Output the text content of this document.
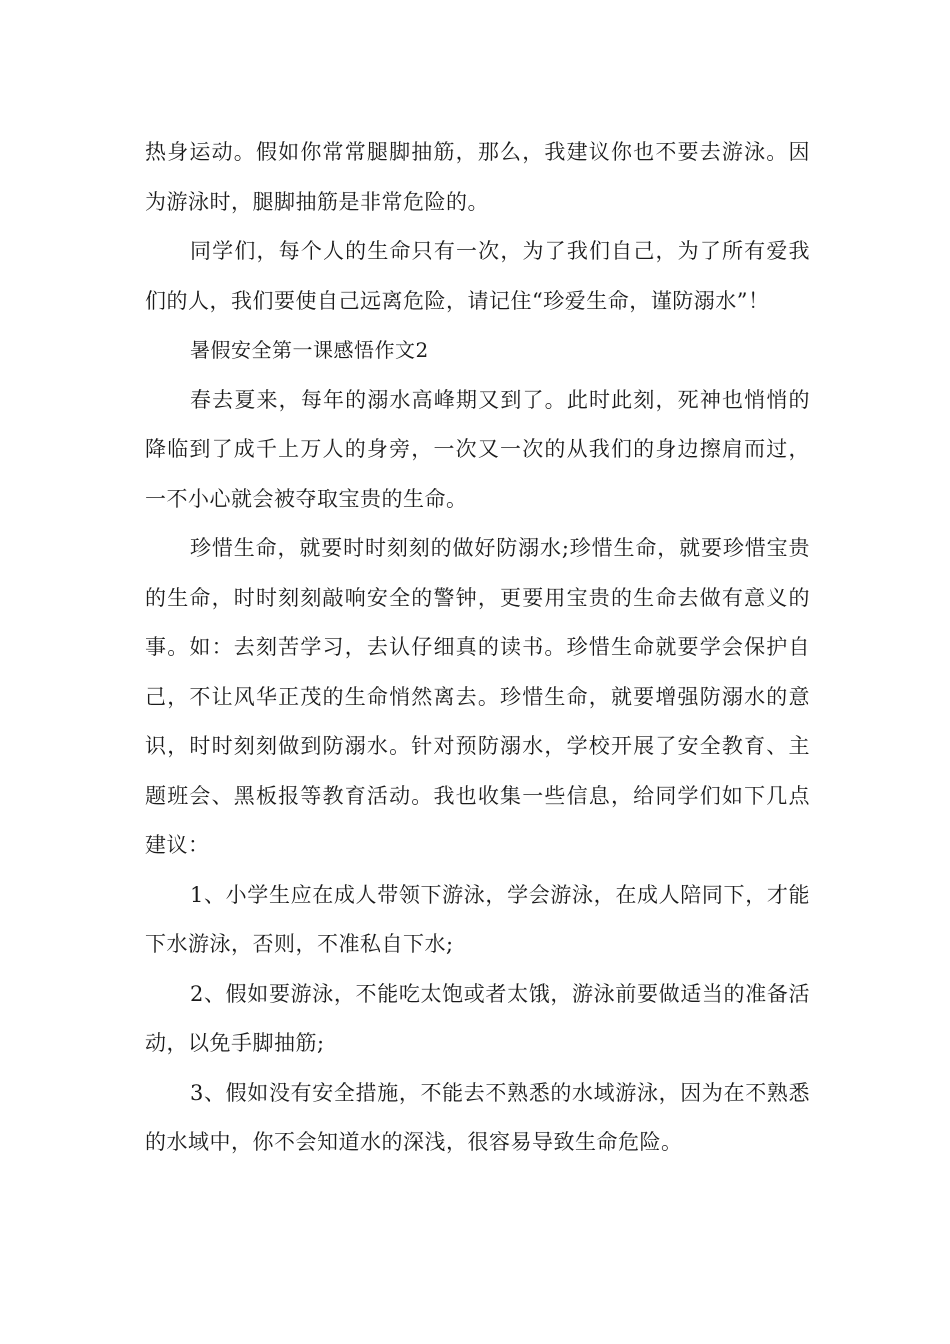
热身运动。假如你常常腿脚抽筋，那么，我建议你也不要去游泳。因为游泳时，腿脚抽筋是非常危险的。

同学们，每个人的生命只有一次，为了我们自己，为了所有爱我们的人，我们要使自己远离危险，请记住“珍爱生命，谨防溺水”！

暑假安全第一课感悟作文2

春去夏来，每年的溺水高峰期又到了。此时此刻，死神也悄悄的降临到了成千上万人的身旁，一次又一次的从我们的身边擦肩而过，一不小心就会被夺取宝贵的生命。

珍惜生命，就要时时刻刻的做好防溺水;珍惜生命，就要珍惜宝贵的生命，时时刻刻敲响安全的警钟，更要用宝贵的生命去做有意义的事。如：去刻苦学习，去认仔细真的读书。珍惜生命就要学会保护自己，不让风华正茂的生命悄然离去。珍惜生命，就要增强防溺水的意识，时时刻刻做到防溺水。针对预防溺水，学校开展了安全教育、主题班会、黑板报等教育活动。我也收集一些信息，给同学们如下几点建议：

1、小学生应在成人带领下游泳，学会游泳，在成人陪同下，才能下水游泳，否则，不准私自下水;

2、假如要游泳，不能吃太饱或者太饿，游泳前要做适当的准备活动，以免手脚抽筋;

3、假如没有安全措施，不能去不熟悉的水域游泳，因为在不熟悉的水域中，你不会知道水的深浅，很容易导致生命危险。
